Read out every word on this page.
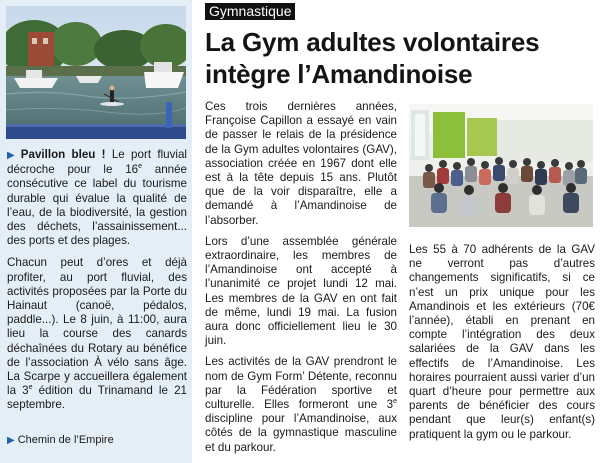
▶ Pavillon bleu ! Le port fluvial décroche pour le 16e année consécutive ce label du tourisme durable qui évalue la qualité de l’eau, de la biodiversité, la gestion des déchets, l’assainissement... des ports et des plages.

Chacun peut d’ores et déjà profiter, au port fluvial, des activités proposées par la Porte du Hainaut (canoë, pédalos, paddle...). Le 8 juin, à 11:00, aura lieu la course des canards déchaînées du Rotary au bénéfice de l’association À vélo sans âge. La Scarpe y accueillera également la 3e édition du Trinamand le 21 septembre.

▶ Chemin de l’Empire
Gymnastique
La Gym adultes volontaires
intègre l’Amandinoise

Ces trois dernières années, Françoise Capillon a essayé en vain de passer le relais de la présidence de la Gym adultes volontaires (GAV), association créée en 1967 dont elle est à la tête depuis 15 ans. Plutôt que de la voir disparaître, elle a demandé à l’Amandinoise de l’absorber.

Lors d’une assemblée générale extraordinaire, les membres de l’Amandinoise ont accepté à l’unanimité ce projet lundi 12 mai. Les membres de la GAV en ont fait de même, lundi 19 mai. La fusion aura donc officiellement lieu le 30 juin.

Les activités de la GAV prendront le nom de Gym Form’ Détente, reconnu par la Fédération sportive et culturelle. Elles formeront une 3e discipline pour l’Amandinoise, aux côtés de la gymnastique masculine et du parkour.

Les 55 à 70 adhérents de la GAV ne verront pas d’autres changements significatifs, si ce n’est un prix unique pour les Amandinois et les extérieurs (70€ l’année), établi en prenant en compte l’intégration des deux salariées de la GAV dans les effectifs de l’Amandinoise. Les horaires pourraient aussi varier d’un quart d’heure pour permettre aux parents de bénéficier des cours pendant que leur(s) enfant(s) pratiquent la gym ou le parkour.
